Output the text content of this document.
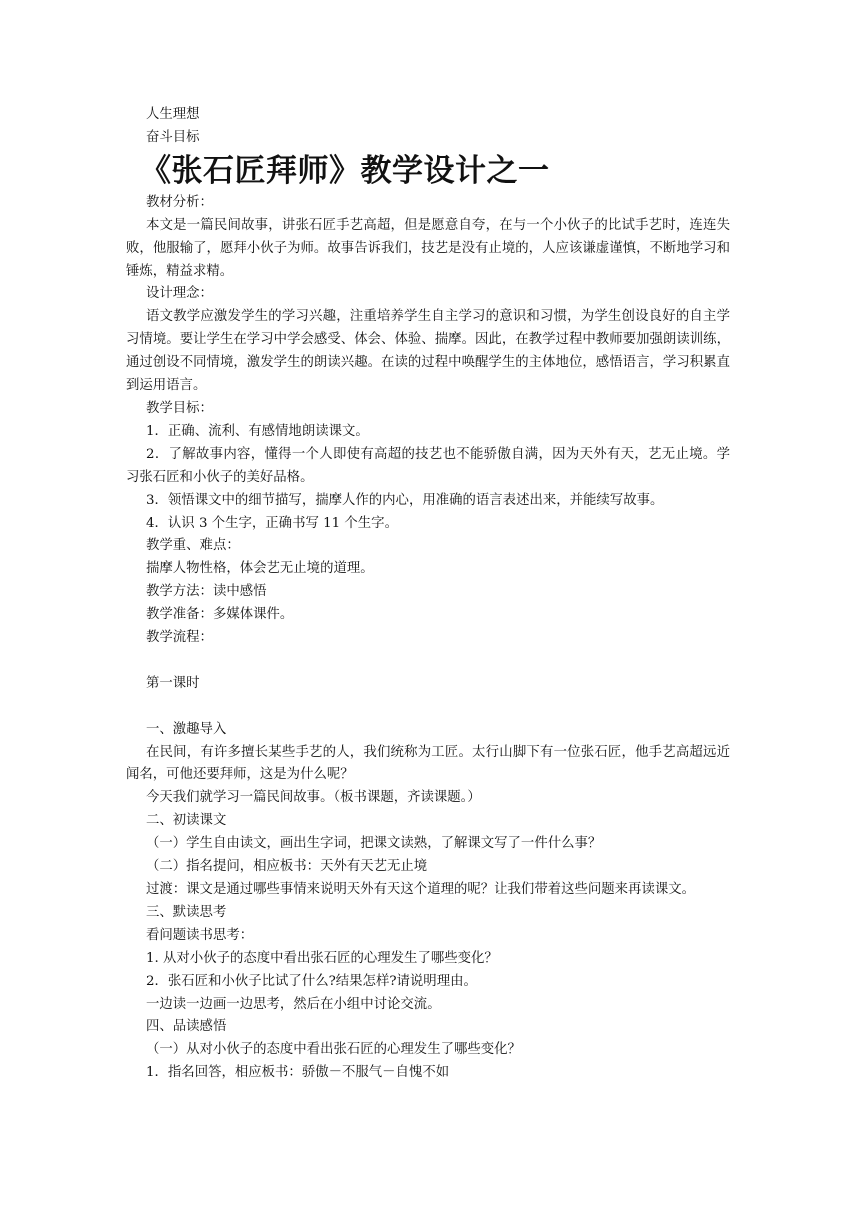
人生理想

奋斗目标

《张石匠拜师》教学设计之一

教材分析：

本文是一篇民间故事，讲张石匠手艺高超，但是愿意自夸，在与一个小伙子的比试手艺时，连连失败，他服输了，愿拜小伙子为师。故事告诉我们，技艺是没有止境的，人应该谦虚谨慎，不断地学习和锤炼，精益求精。

设计理念：

语文教学应激发学生的学习兴趣，注重培养学生自主学习的意识和习惯，为学生创设良好的自主学习情境。要让学生在学习中学会感受、体会、体验、揣摩。因此，在教学过程中教师要加强朗读训练，通过创设不同情境，激发学生的朗读兴趣。在读的过程中唤醒学生的主体地位，感悟语言，学习积累直到运用语言。

教学目标：

1．正确、流利、有感情地朗读课文。

2．了解故事内容，懂得一个人即使有高超的技艺也不能骄傲自满，因为天外有天，艺无止境。学习张石匠和小伙子的美好品格。

3．领悟课文中的细节描写，揣摩人作的内心，用准确的语言表述出来，并能续写故事。

4．认识 3 个生字，正确书写 11 个生字。

教学重、难点：

揣摩人物性格，体会艺无止境的道理。

教学方法：读中感悟

教学准备：多媒体课件。

教学流程：

第一课时

一、激趣导入

在民间，有许多擅长某些手艺的人，我们统称为工匠。太行山脚下有一位张石匠，他手艺高超远近闻名，可他还要拜师，这是为什么呢？

今天我们就学习一篇民间故事。（板书课题，齐读课题。）

二、初读课文

（一）学生自由读文，画出生字词，把课文读熟，了解课文写了一件什么事？

（二）指名提问，相应板书：天外有天艺无止境

过渡：课文是通过哪些事情来说明天外有天这个道理的呢？让我们带着这些问题来再读课文。

三、默读思考

看问题读书思考：

1. 从对小伙子的态度中看出张石匠的心理发生了哪些变化？

2．张石匠和小伙子比试了什么?结果怎样?请说明理由。

一边读一边画一边思考，然后在小组中讨论交流。

四、品读感悟

（一）从对小伙子的态度中看出张石匠的心理发生了哪些变化？

1．指名回答，相应板书：骄傲－不服气－自愧不如
